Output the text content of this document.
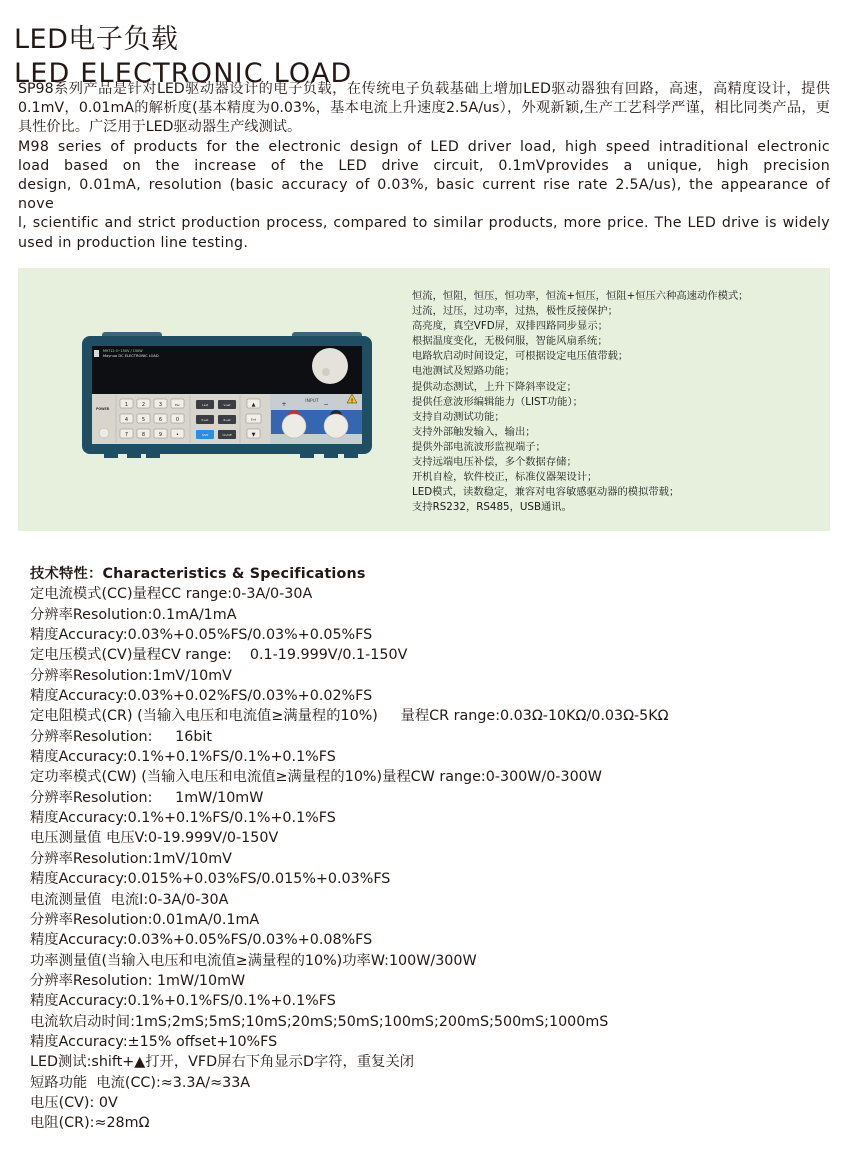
LED电子负载
LED ELECTRONIC LOAD

SP98系列产品是针对LED驱动器设计的电子负载，在传统电子负载基础上增加LED驱动器独有回路，高速，高精度设计，提供0.1mV，0.01mA的解析度(基本精度为0.03%，基本电流上升速度2.5A/us），外观新颖,生产工艺科学严谨，相比同类产品，更具性价比。广泛用于LED驱动器生产线测试。

M98 series of products for the electronic design of LED driver load, high speed intraditional electronic
load based on the increase of the LED drive circuit, 0.1mVprovides a unique, high precision
design, 0.01mA, resolution (basic accuracy of 0.03%, basic current rise rate 2.5A/us), the appearance of nove
l, scientific and strict production process, compared to similar products, more price. The LED drive is widely
used in production line testing.

M9712 0~150V / 150W
Maynuo DC ELECTRONIC LOAD
POWER
1	2	3	Esc
4	5	6	0
7	8	9	•
I-set	V-set
P-set	R-set
Shift	On/Off
▲
Ent
▼
INPUT	!
+	−
恒流，恒阻，恒压，恒功率，恒流+恒压，恒阻+恒压六种高速动作模式；
过流，过压，过功率，过热，极性反接保护；
高亮度，真空VFD屏，双排四路同步显示；
根据温度变化，无极伺服，智能风扇系统；
电路软启动时间设定，可根据设定电压值带载；
电池测试及短路功能；
提供动态测试，上升下降斜率设定；
提供任意波形编辑能力（LIST功能）；
支持自动测试功能；
支持外部触发输入，输出；
提供外部电流波形监视端子；
支持远端电压补偿，多个数据存储；
开机自检，软件校正，标准仪器架设计；
LED模式，读数稳定，兼容对电容敏感驱动器的模拟带载；
支持RS232，RS485，USB通讯。
技术特性：Characteristics & Specifications
定电流模式(CC)量程CC range:0-3A/0-30A
分辨率Resolution:0.1mA/1mA
精度Accuracy:0.03%+0.05%FS/0.03%+0.05%FS
定电压模式(CV)量程CV range:    0.1-19.999V/0.1-150V
分辨率Resolution:1mV/10mV
精度Accuracy:0.03%+0.02%FS/0.03%+0.02%FS
定电阻模式(CR) (当输入电压和电流值≥满量程的10%)     量程CR range:0.03Ω-10KΩ/0.03Ω-5KΩ
分辨率Resolution:     16bit
精度Accuracy:0.1%+0.1%FS/0.1%+0.1%FS
定功率模式(CW) (当输入电压和电流值≥满量程的10%)量程CW range:0-300W/0-300W
分辨率Resolution:     1mW/10mW
精度Accuracy:0.1%+0.1%FS/0.1%+0.1%FS
电压测量值 电压V:0-19.999V/0-150V
分辨率Resolution:1mV/10mV
精度Accuracy:0.015%+0.03%FS/0.015%+0.03%FS
电流测量值  电流I:0-3A/0-30A
分辨率Resolution:0.01mA/0.1mA
精度Accuracy:0.03%+0.05%FS/0.03%+0.08%FS
功率测量值(当输入电压和电流值≥满量程的10%)功率W:100W/300W
分辨率Resolution: 1mW/10mW
精度Accuracy:0.1%+0.1%FS/0.1%+0.1%FS
电流软启动时间:1mS;2mS;5mS;10mS;20mS;50mS;100mS;200mS;500mS;1000mS
精度Accuracy:±15% offset+10%FS
LED测试:shift+▲打开，VFD屏右下角显示D字符，重复关闭
短路功能  电流(CC):≈3.3A/≈33A
电压(CV): 0V
电阻(CR):≈28mΩ
